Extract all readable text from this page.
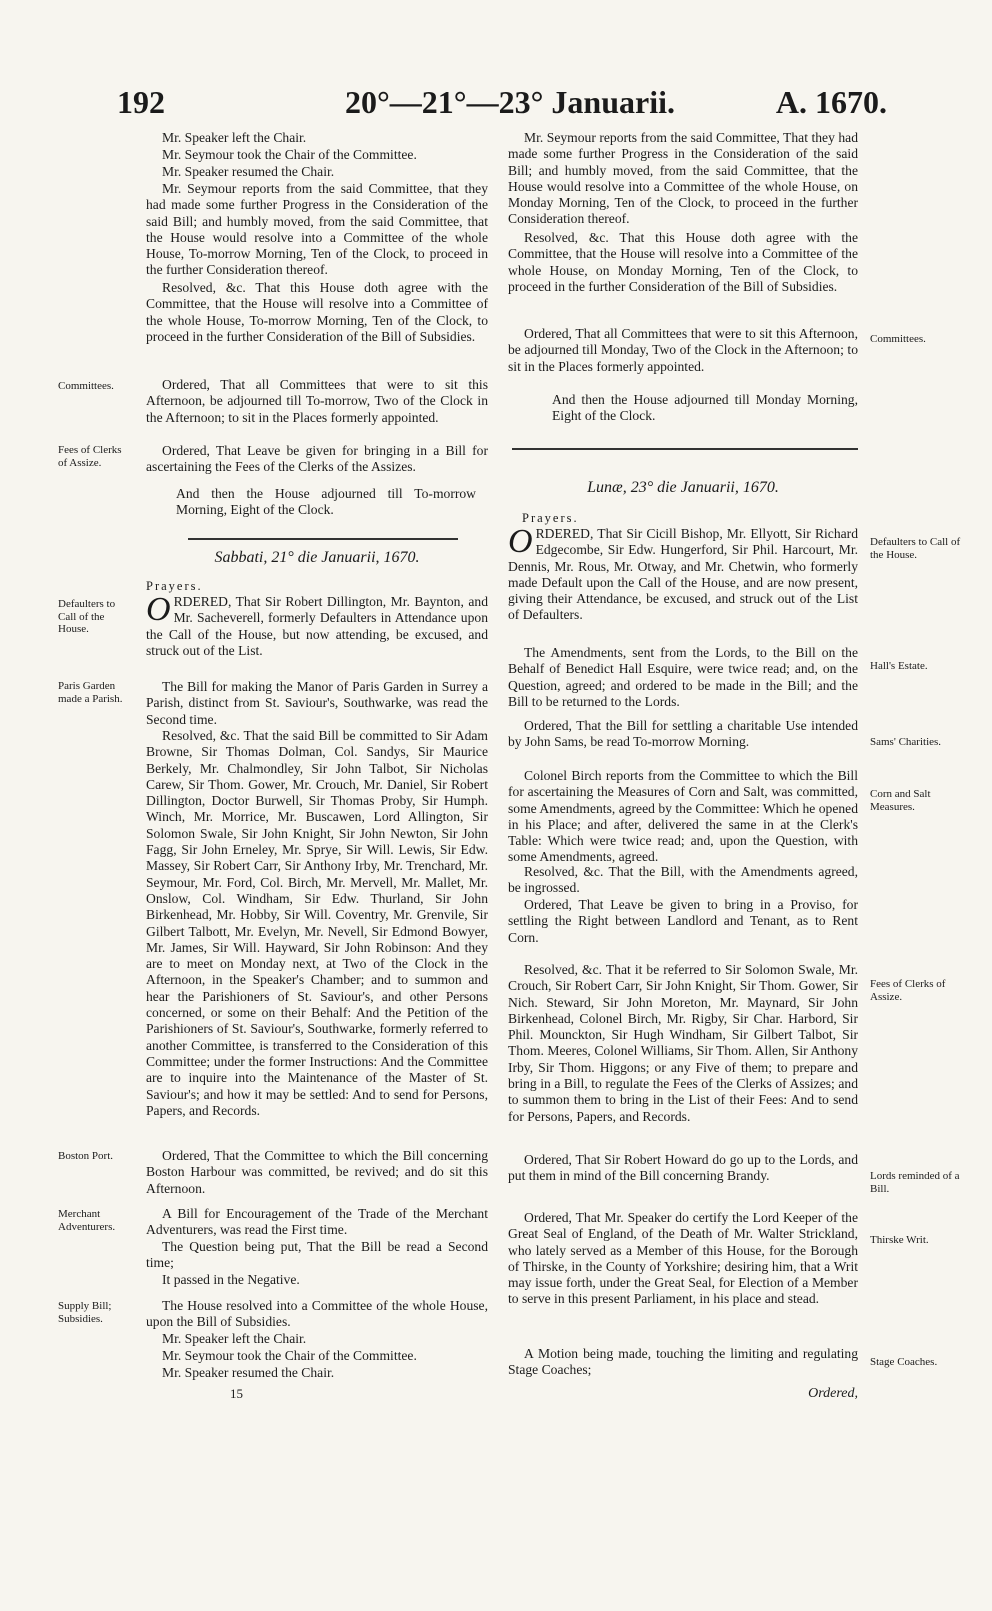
192	20°—21°—23° Januarii.	A. 1670.

Mr. Speaker left the Chair.

Mr. Seymour took the Chair of the Committee.

Mr. Speaker resumed the Chair.

Mr. Seymour reports from the said Committee, that they had made some further Progress in the Consideration of the said Bill; and humbly moved, from the said Committee, that the House would resolve into a Committee of the whole House, To-morrow Morning, Ten of the Clock, to proceed in the further Consideration thereof.

Resolved, &c. That this House doth agree with the Committee, that the House will resolve into a Committee of the whole House, To-morrow Morning, Ten of the Clock, to proceed in the further Consideration of the Bill of Subsidies.

Ordered, That all Committees that were to sit this Afternoon, be adjourned till To-morrow, Two of the Clock in the Afternoon; to sit in the Places formerly appointed.

Ordered, That Leave be given for bringing in a Bill for ascertaining the Fees of the Clerks of the Assizes.

And then the House adjourned till To-morrow Morning, Eight of the Clock.

Sabbati, 21° die Januarii, 1670.
Prayers.
O RDERED, That Sir Robert Dillington, Mr. Baynton, and Mr. Sacheverell, formerly Defaulters in Attendance upon the Call of the House, but now attending, be excused, and struck out of the List.

The Bill for making the Manor of Paris Garden in Surrey a Parish, distinct from St. Saviour's, Southwarke, was read the Second time.

Resolved, &c. That the said Bill be committed to Sir Adam Browne, Sir Thomas Dolman, Col. Sandys, Sir Maurice Berkely, Mr. Chalmondley, Sir John Talbot, Sir Nicholas Carew, Sir Thom. Gower, Mr. Crouch, Mr. Daniel, Sir Robert Dillington, Doctor Burwell, Sir Thomas Proby, Sir Humph. Winch, Mr. Morrice, Mr. Buscawen, Lord Allington, Sir Solomon Swale, Sir John Knight, Sir John Newton, Sir John Fagg, Sir John Erneley, Mr. Sprye, Sir Will. Lewis, Sir Edw. Massey, Sir Robert Carr, Sir Anthony Irby, Mr. Trenchard, Mr. Seymour, Mr. Ford, Col. Birch, Mr. Mervell, Mr. Mallet, Mr. Onslow, Col. Windham, Sir Edw. Thurland, Sir John Birkenhead, Mr. Hobby, Sir Will. Coventry, Mr. Grenvile, Sir Gilbert Talbott, Mr. Evelyn, Mr. Nevell, Sir Edmond Bowyer, Mr. James, Sir Will. Hayward, Sir John Robinson: And they are to meet on Monday next, at Two of the Clock in the Afternoon, in the Speaker's Chamber; and to summon and hear the Parishioners of St. Saviour's, and other Persons concerned, or some on their Behalf: And the Petition of the Parishioners of St. Saviour's, Southwarke, formerly referred to another Committee, is transferred to the Consideration of this Committee; under the former Instructions: And the Committee are to inquire into the Maintenance of the Master of St. Saviour's; and how it may be settled: And to send for Persons, Papers, and Records.

Ordered, That the Committee to which the Bill concerning Boston Harbour was committed, be revived; and do sit this Afternoon.

A Bill for Encouragement of the Trade of the Merchant Adventurers, was read the First time.

The Question being put, That the Bill be read a Second time;

It passed in the Negative.

The House resolved into a Committee of the whole House, upon the Bill of Subsidies.

Mr. Speaker left the Chair.

Mr. Seymour took the Chair of the Committee.

Mr. Speaker resumed the Chair.

15
Committees.
Fees of Clerks of Assize.
Defaulters to Call of the House.
Paris Garden made a Parish.
Boston Port.
Merchant Adventurers.
Supply Bill; Subsidies.

Mr. Seymour reports from the said Committee, That they had made some further Progress in the Consideration of the said Bill; and humbly moved, from the said Committee, that the House would resolve into a Committee of the whole House, on Monday Morning, Ten of the Clock, to proceed in the further Consideration thereof.

Resolved, &c. That this House doth agree with the Committee, that the House will resolve into a Committee of the whole House, on Monday Morning, Ten of the Clock, to proceed in the further Consideration of the Bill of Subsidies.

Ordered, That all Committees that were to sit this Afternoon, be adjourned till Monday, Two of the Clock in the Afternoon; to sit in the Places formerly appointed.

And then the House adjourned till Monday Morning, Eight of the Clock.

Lunæ, 23° die Januarii, 1670.
Prayers.
O RDERED, That Sir Cicill Bishop, Mr. Ellyott, Sir Richard Edgecombe, Sir Edw. Hungerford, Sir Phil. Harcourt, Mr. Dennis, Mr. Rous, Mr. Otway, and Mr. Chetwin, who formerly made Default upon the Call of the House, and are now present, giving their Attendance, be excused, and struck out of the List of Defaulters.

The Amendments, sent from the Lords, to the Bill on the Behalf of Benedict Hall Esquire, were twice read; and, on the Question, agreed; and ordered to be made in the Bill; and the Bill to be returned to the Lords.

Ordered, That the Bill for settling a charitable Use intended by John Sams, be read To-morrow Morning.

Colonel Birch reports from the Committee to which the Bill for ascertaining the Measures of Corn and Salt, was committed, some Amendments, agreed by the Committee: Which he opened in his Place; and after, delivered the same in at the Clerk's Table: Which were twice read; and, upon the Question, with some Amendments, agreed.

Resolved, &c. That the Bill, with the Amendments agreed, be ingrossed.

Ordered, That Leave be given to bring in a Proviso, for settling the Right between Landlord and Tenant, as to Rent Corn.

Resolved, &c. That it be referred to Sir Solomon Swale, Mr. Crouch, Sir Robert Carr, Sir John Knight, Sir Thom. Gower, Sir Nich. Steward, Sir John Moreton, Mr. Maynard, Sir John Birkenhead, Colonel Birch, Mr. Rigby, Sir Char. Harbord, Sir Phil. Mounckton, Sir Hugh Windham, Sir Gilbert Talbot, Sir Thom. Meeres, Colonel Williams, Sir Thom. Allen, Sir Anthony Irby, Sir Thom. Higgons; or any Five of them; to prepare and bring in a Bill, to regulate the Fees of the Clerks of Assizes; and to summon them to bring in the List of their Fees: And to send for Persons, Papers, and Records.

Ordered, That Sir Robert Howard do go up to the Lords, and put them in mind of the Bill concerning Brandy.

Ordered, That Mr. Speaker do certify the Lord Keeper of the Great Seal of England, of the Death of Mr. Walter Strickland, who lately served as a Member of this House, for the Borough of Thirske, in the County of Yorkshire; desiring him, that a Writ may issue forth, under the Great Seal, for Election of a Member to serve in this present Parliament, in his place and stead.

A Motion being made, touching the limiting and regulating Stage Coaches;

Ordered,
Committees.
Defaulters to Call of the House.
Hall's Estate.
Sams' Charities.
Corn and Salt Measures.
Fees of Clerks of Assize.
Lords reminded of a Bill.
Thirske Writ.
Stage Coaches.
